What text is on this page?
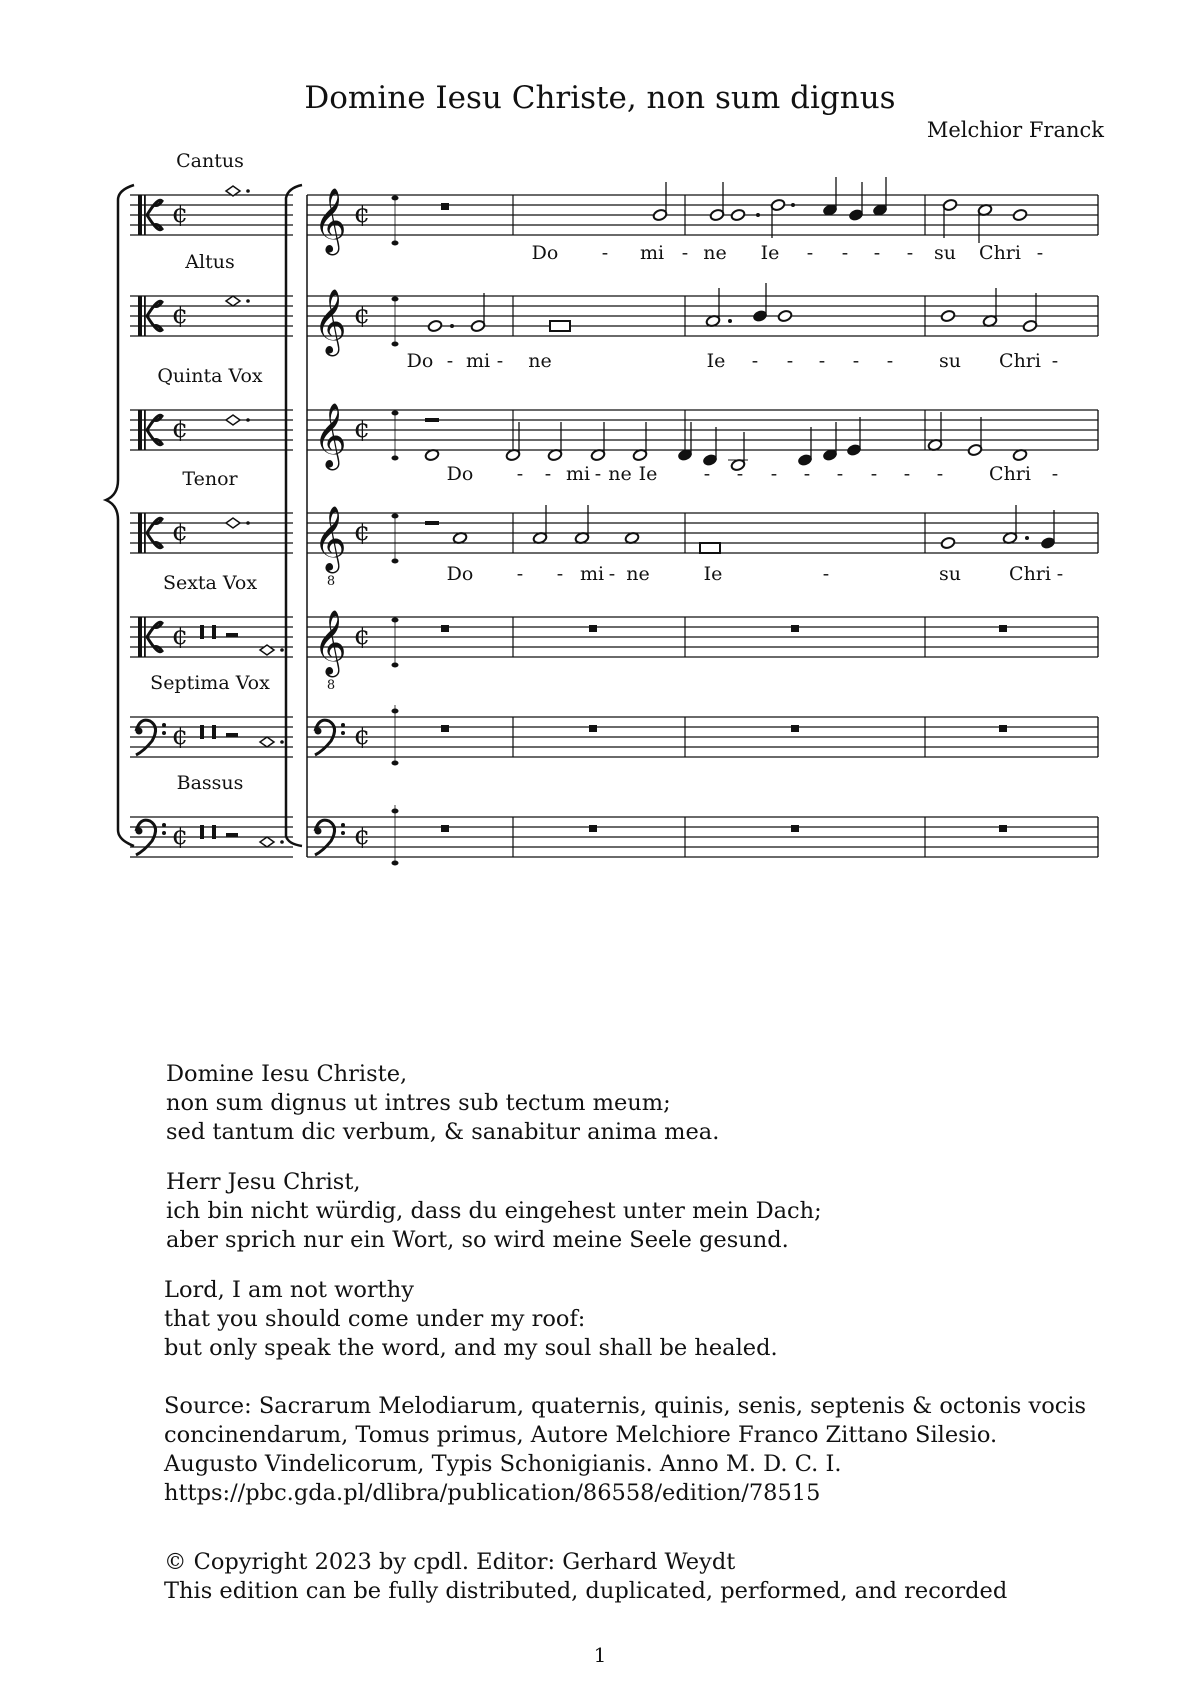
Domine Iesu Christe, non sum dignus
Melchior Franck
Cantus
¢ 𝄞 ¢
Altus
¢ 𝄞 ¢
Quinta Vox
¢ 𝄞 ¢
Tenor
¢ 𝄞
8
¢
Sexta Vox
¢ 𝄞
8
¢
Septima Vox
¢	¢
Bassus
¢	¢
Do - mi - ne Ie - - - - su Chri -
Do - mi - ne	Ie - - - - - su Chri -
Do - - mi - ne Ie - - - - - - - - Chri -
Do - - mi - ne	Ie	-	su	Chri -
Domine Iesu Christe,
non sum dignus ut intres sub tectum meum;
sed tantum dic verbum, & sanabitur anima mea.
Herr Jesu Christ,
ich bin nicht würdig, dass du eingehest unter mein Dach;
aber sprich nur ein Wort, so wird meine Seele gesund.
Lord, I am not worthy
that you should come under my roof:
but only speak the word, and my soul shall be healed.
Source: Sacrarum Melodiarum, quaternis, quinis, senis, septenis & octonis vocis
concinendarum, Tomus primus, Autore Melchiore Franco Zittano Silesio.
Augusto Vindelicorum, Typis Schonigianis. Anno M. D. C. I.
https://pbc.gda.pl/dlibra/publication/86558/edition/78515
© Copyright 2023 by cpdl. Editor: Gerhard Weydt
This edition can be fully distributed, duplicated, performed, and recorded
1
